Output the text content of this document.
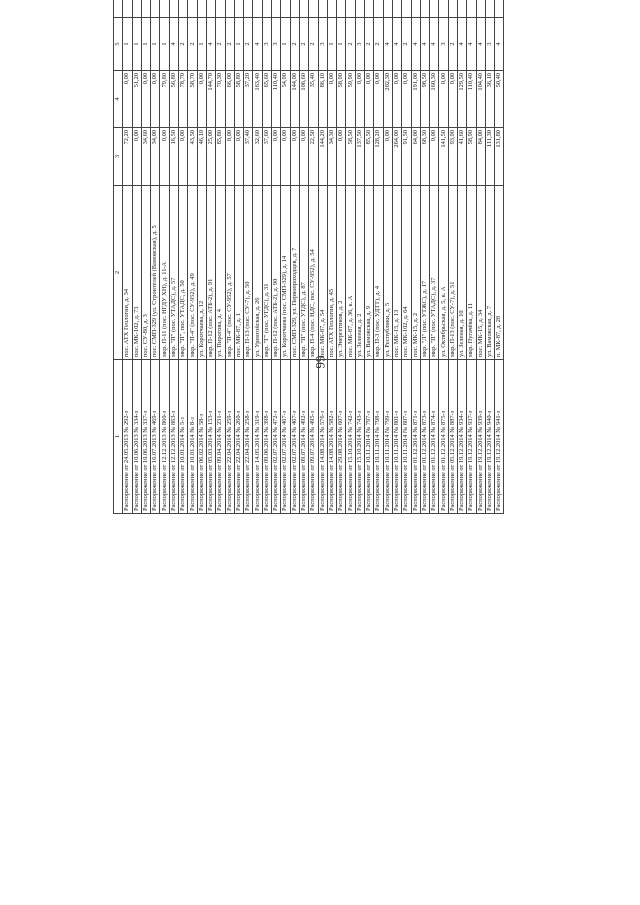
66
1	2	3	4	5			
Распоряжение от 24.05.2013 № 292-з	пос. АТХ Геологии, д. 34	72,20	0,00	1			
Распоряжение от 10.06.2013 № 334-з	пос. МК-102, д. 73	0,00	51,20	1			
Распоряжение от 10.06.2013 № 337-з	пос. СУ-80, д. 3	34,60	0,00	1			
Распоряжение от 16.07.2013 № 469-з	пос. СМП-329 (ул. Строителей (Вамовская), д. 5	34,00	0,00	1			
Распоряжение от 12.12.2013 № 860-з	мкр. П-11 (пос. НГДУ ХН), д. 11-А	0,00	79,80	1			
Распоряжение от 12.12.2013 № 863-з	мкр. "П" (пос. УТАДС), д. 57	16,50	56,80	4			
Распоряжение от 10.01.2014 № 5-з	мкр. "П", пос. УТАДС, д. 50	0,00	78,70	2			
Распоряжение от 10.01.2014 № 8-з	мкр. "П-4" (пос. СУ-952), д. 49	43,50	58,70	2			
Распоряжение от 06.02.2014 № 58-з	ул. Коротчаева, д. 12	46,10	0,00	1			
Распоряжение от 05.03.2014 № 153-з	мкр. П-12 (пос. АТБ-2), д. 91	25,00	144,70	4			
Распоряжение от 09.04.2014 № 231-з	ул. Пирогова, д. 4	85,80	70,30	2			
Распоряжение от 22.04.2014 № 259-з	мкр. "П-4" (пос. СУ-952), д. 57	0,00	66,00	2			
Распоряжение от 22.04.2014 № 260-з	пос. МК-87, д. 1	0,00	58,80	1			
Распоряжение от 22.04.2014 № 258-з	мкр. П-13 (пос. СУ-7), д. 50	37,40	37,20	2			
Распоряжение от 14.05.2014 № 319-з	ул. Уренгойская, д. 26	32,60	163,40	4			
Распоряжение от 09.06.2014 № 398-з	мкр. "Г" (пос. УГДС), д. 31	37,60	65,60	3			
Распоряжение от 02.07.2014 № 472-з	мкр. П-12 (пос. АТБ-2), д. 90	0,00	110,40	3			
Распоряжение от 02.07.2014 № 467-з	ул. Коротчаева (пос. СМП-329), д. 14	0,00	54,90	1			
Распоряжение от 02.07.2014 № 467-з	пос. СМП-329, ул. Первопроходцев, д. 7	0,00	144,00	2			
Распоряжение от 09.07.2014 № 492-з	мкр. "П" (пос. УТДС), д. 87	0,00	106,60	2			
Распоряжение от 09.07.2014 № 495-з	мкр. П-4 (пос. НДС, пос. СУ-952), д. 54	22,50	35,40	2			
Распоряжение от 14.08.2014 № 576-з	пос. МК-87, д. 54	144,20	86,10	3			
Распоряжение от 14.08.2014 № 582-з	пос. АТХ Геологии, д. 45	34,30	0,00	1			
Распоряжение от 29.08.2014 № 607-з	ул. Энергетиков, д. 2	0,00	58,90	1			
Распоряжение от 15.10.2014 № 742-з	пос. МК-87, д. 36, к. А	58,50	59,90	2			
Распоряжение от 15.10.2014 № 743-з	ул. Зеленая, д. 2	137,50	0,00	3			
Распоряжение от 10.11.2014 № 797-з	ул. Вамовская, д. 9	85,50	0,00	2			
Распоряжение от 10.11.2014 № 798-з	мкр. П-3 (пос. УДТТ), д. 4	128,20	0,00	2			
Распоряжение от 10.11.2014 № 799-з	ул. Республики, д. 5	0,00	202,30	4			
Распоряжение от 10.11.2014 № 801-з	пос. МК-15, д. 13	264,00	0,00	4			
Распоряжение от 10.11.2014 № 807-з	пос. МК-102, д. 64	91,50	0,00	2			
Распоряжение от 01.12.2014 № 871-з	пос. МК-15, д. 2	64,00	191,00	4			
Распоряжение от 01.12.2014 № 873-з	мкр. "Л" (пос. УТЖС), д. 17	68,30	98,50	4			
Распоряжение от 01.12.2014 № 874-з	мкр. "П" (пос. УТАДС), д. 37	0,00	160,30	4			
Распоряжение от 01.12.2014 № 875-з	ул. Октябрьская, д. 5, к. А	141,50	0,00	3			
Распоряжение от 05.12.2014 № 887-з	мкр. П-13 (пос. СУ-7), д. 51	93,90	0,00	2			
Распоряжение от 19.12.2014 № 934-з	ул. Зеленая, д. 10	41,60	129,50	4			
Распоряжение от 19.12.2014 № 937-з	мкр. Пугачёва, д. 11	58,90	110,40	4			
Распоряжение от 19.12.2014 № 939-з	пос. МК-15, д. 34	84,00	104,40	4			
Распоряжение от 19.12.2014 № 940-з	ул. Вамовская, д. 7	111,30	36,10	3			
Распоряжение от 19.12.2014 № 941-з	п. МК-87, д. 28	131,80	50,40	4			
